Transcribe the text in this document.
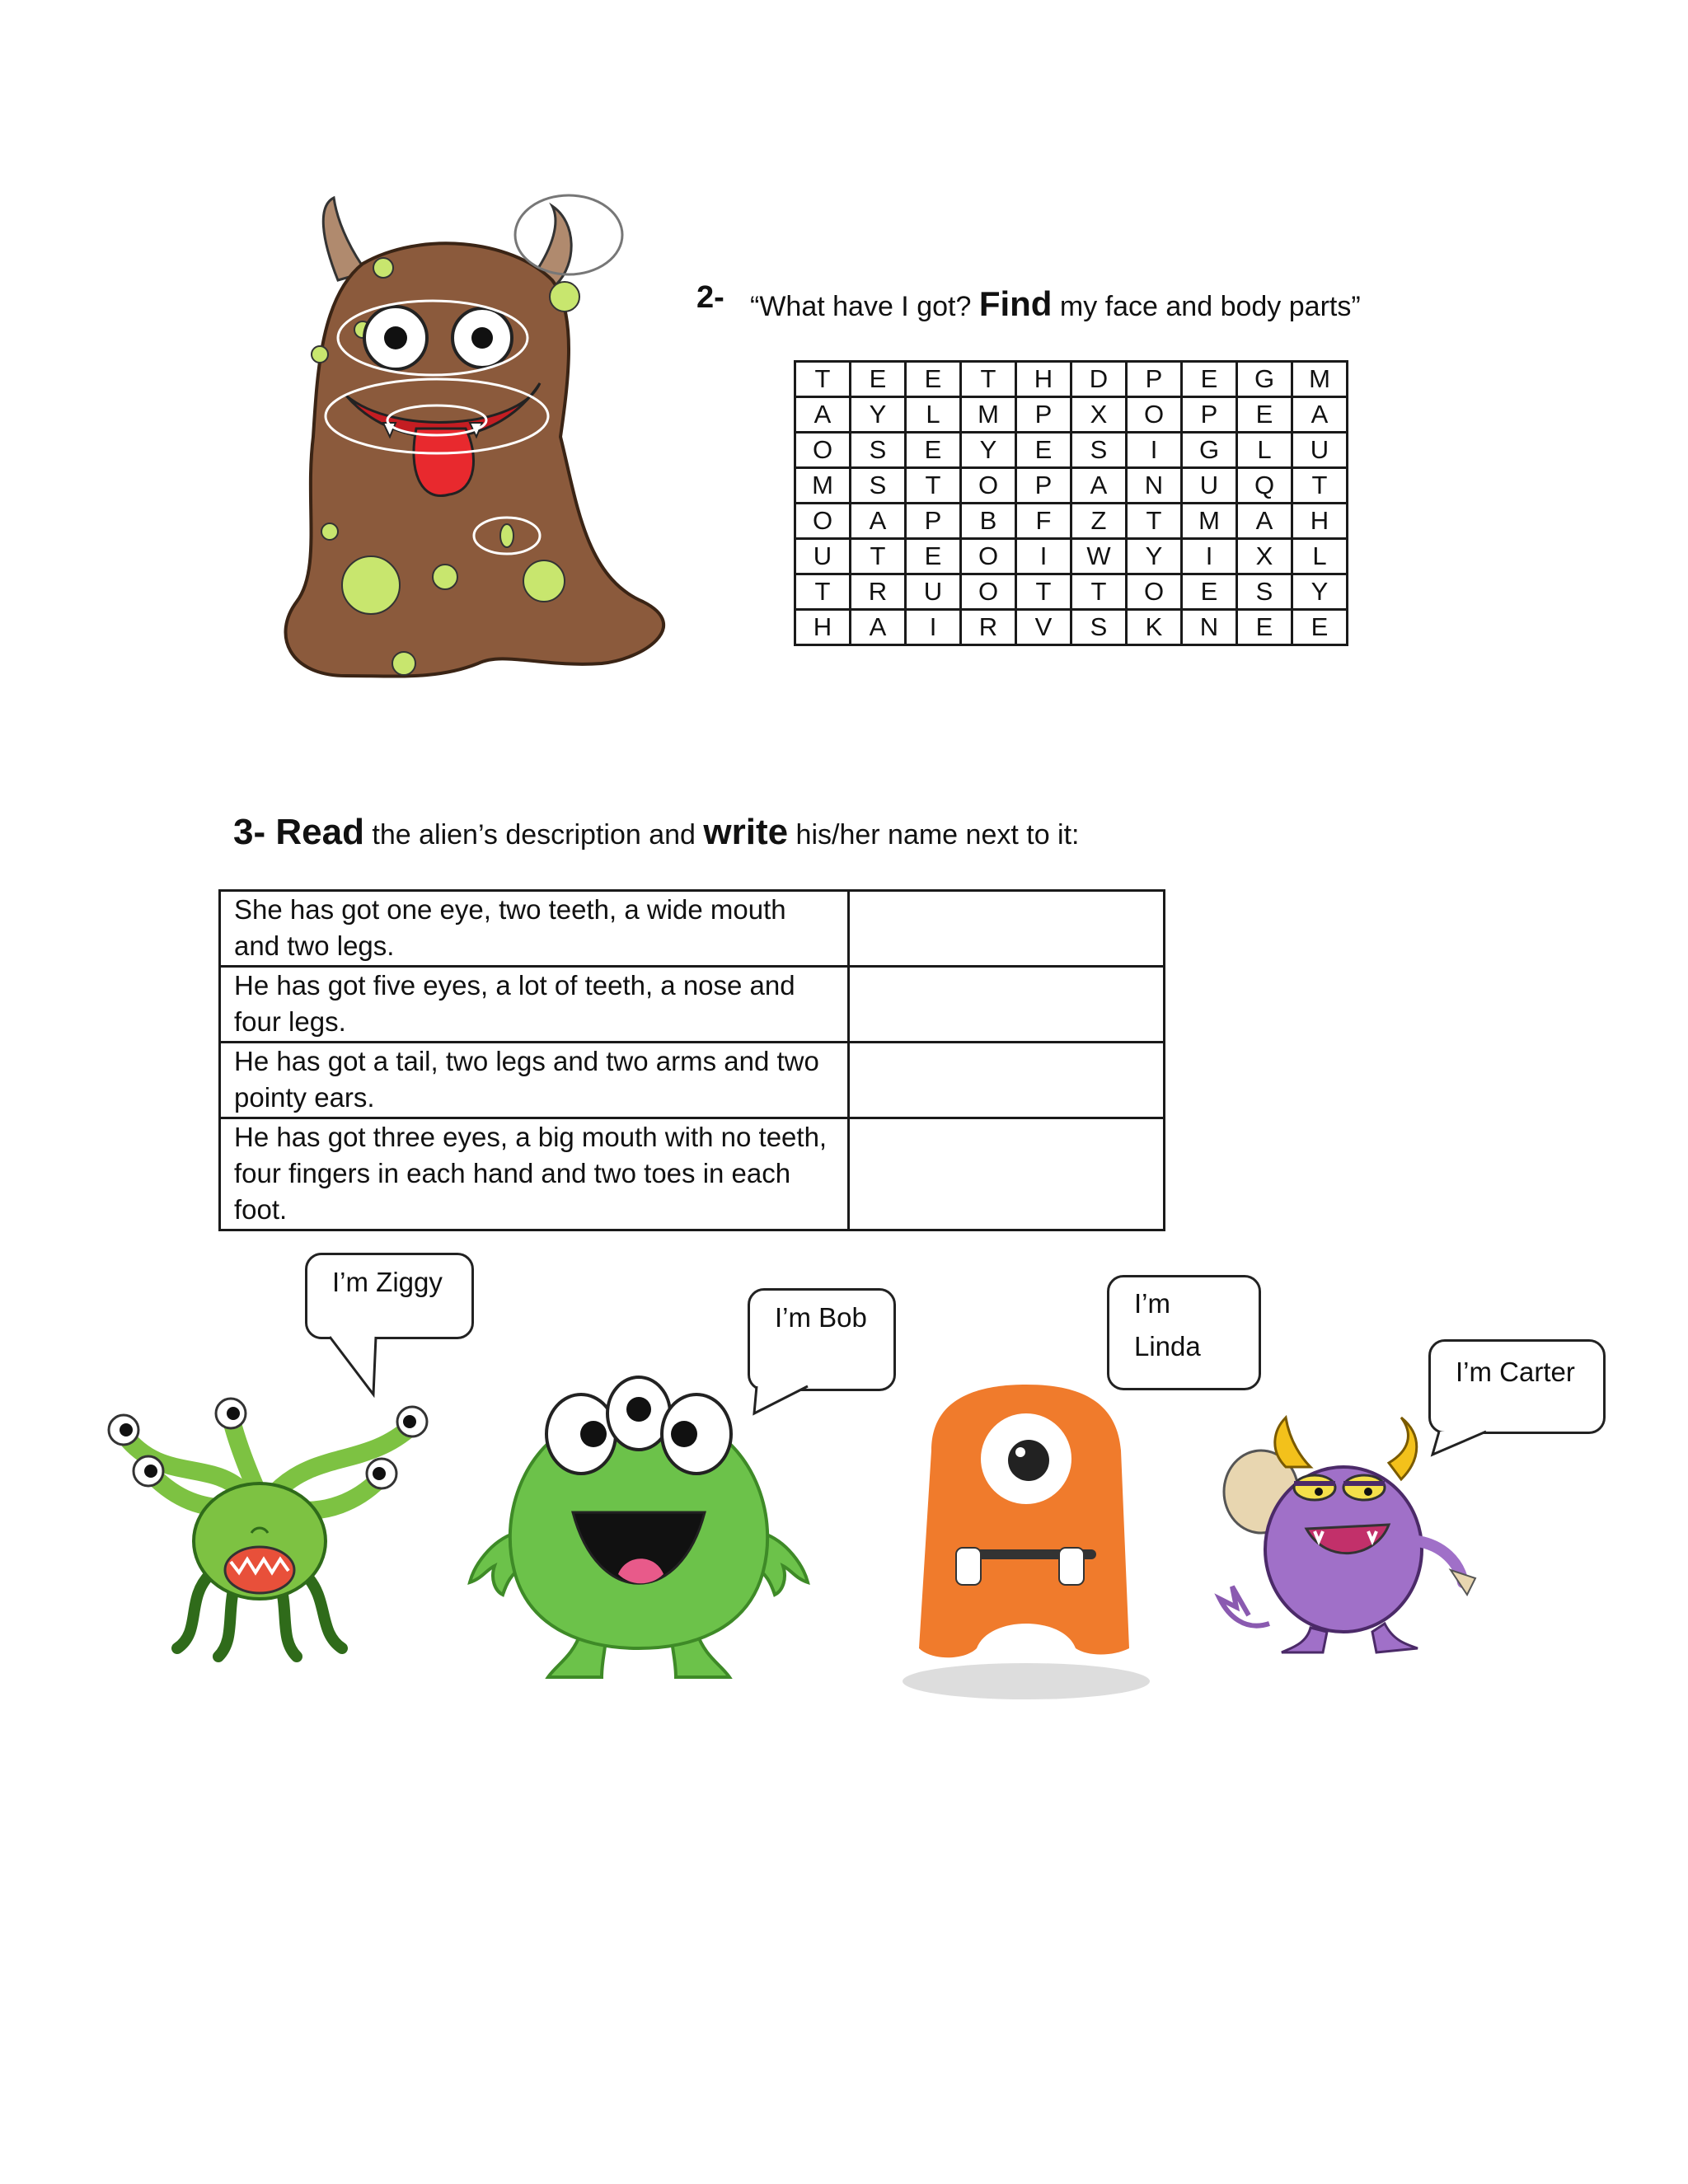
2- “What have I got? Find my face and body parts”
T	E	E	T	H	D	P	E	G	M
A	Y	L	M	P	X	O	P	E	A
O	S	E	Y	E	S	I	G	L	U
M	S	T	O	P	A	N	U	Q	T
O	A	P	B	F	Z	T	M	A	H
U	T	E	O	I	W	Y	I	X	L
T	R	U	O	T	T	O	E	S	Y
H	A	I	R	V	S	K	N	E	E
3- Read the alien’s description and write his/her name next to it:
She has got one eye, two teeth, a wide mouth and two legs.	
He has got five eyes, a lot of teeth, a nose and four legs.	
He has got a tail, two legs and two arms and two pointy ears.	
He has got three eyes, a big mouth with no teeth, four fingers in each hand and two toes in each foot.	
I’m Ziggy
I’m Bob	I’m
Linda
I’m Carter
